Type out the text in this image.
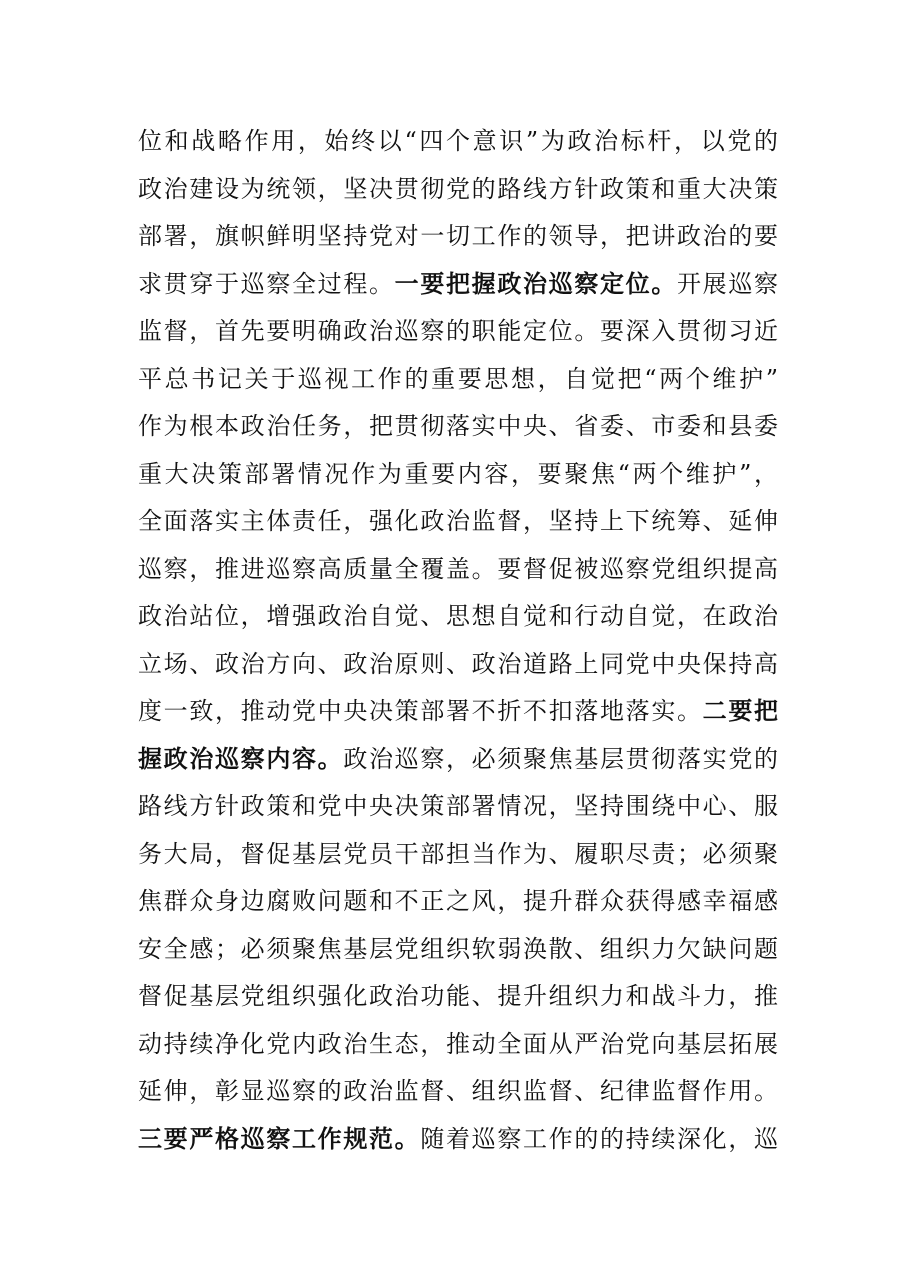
位和战略作用，始终以“四个意识”为政治标杆，以党的
政治建设为统领，坚决贯彻党的路线方针政策和重大决策
部署，旗帜鲜明坚持党对一切工作的领导，把讲政治的要
求贯穿于巡察全过程。一要把握政治巡察定位。开展巡察
监督，首先要明确政治巡察的职能定位。要深入贯彻习近
平总书记关于巡视工作的重要思想，自觉把“两个维护”
作为根本政治任务，把贯彻落实中央、省委、市委和县委
重大决策部署情况作为重要内容，要聚焦“两个维护”，
全面落实主体责任，强化政治监督，坚持上下统筹、延伸
巡察，推进巡察高质量全覆盖。要督促被巡察党组织提高
政治站位，增强政治自觉、思想自觉和行动自觉，在政治
立场、政治方向、政治原则、政治道路上同党中央保持高
度一致，推动党中央决策部署不折不扣落地落实。二要把
握政治巡察内容。政治巡察，必须聚焦基层贯彻落实党的
路线方针政策和党中央决策部署情况，坚持围绕中心、服
务大局，督促基层党员干部担当作为、履职尽责；必须聚
焦群众身边腐败问题和不正之风，提升群众获得感幸福感
安全感；必须聚焦基层党组织软弱涣散、组织力欠缺问题
督促基层党组织强化政治功能、提升组织力和战斗力，推
动持续净化党内政治生态，推动全面从严治党向基层拓展
延伸，彰显巡察的政治监督、组织监督、纪律监督作用。
三要严格巡察工作规范。随着巡察工作的的持续深化，巡
